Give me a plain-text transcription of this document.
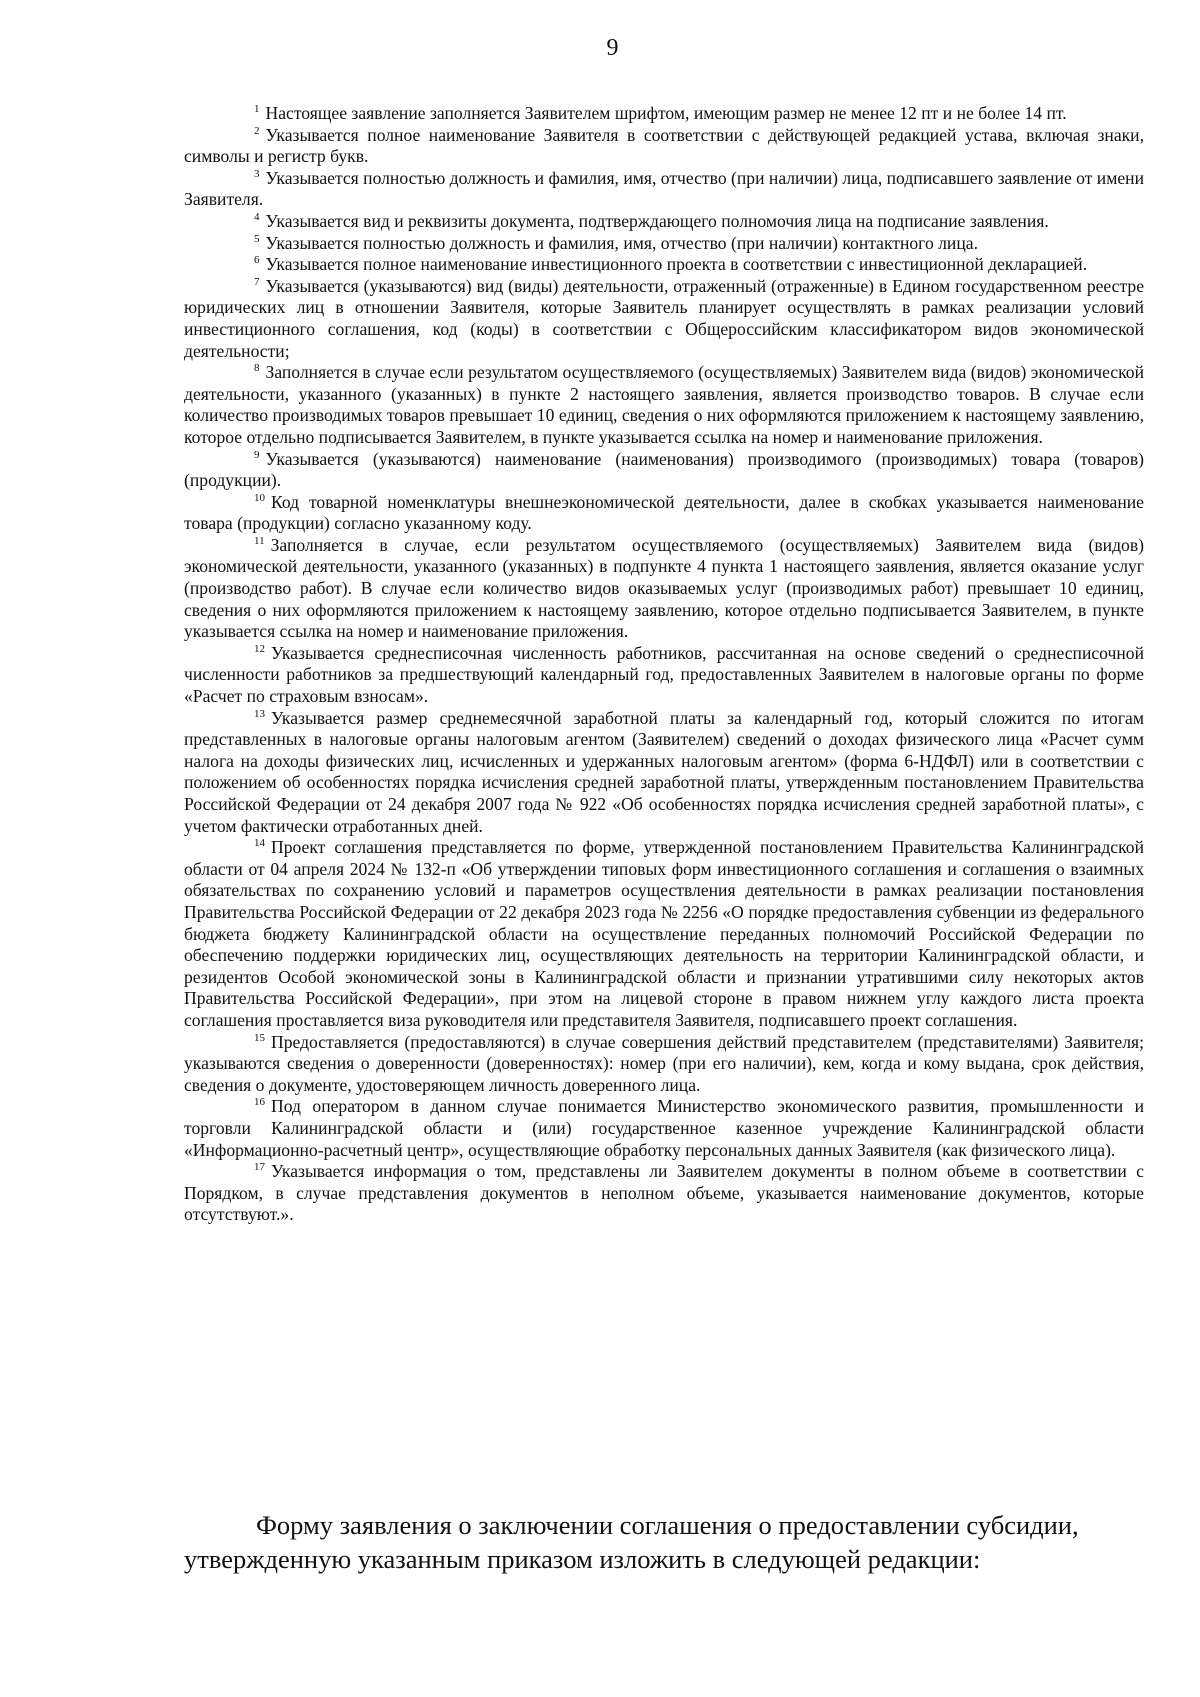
9

$^1$ Настоящее заявление заполняется Заявителем шрифтом, имеющим размер не менее 12 пт и не более 14 пт.

$^2$ Указывается полное наименование Заявителя в соответствии с действующей редакцией устава, включая знаки, символы и регистр букв.

$^3$ Указывается полностью должность и фамилия, имя, отчество (при наличии) лица, подписавшего заявление от имени Заявителя.

$^4$ Указывается вид и реквизиты документа, подтверждающего полномочия лица на подписание заявления.

$^5$ Указывается полностью должность и фамилия, имя, отчество (при наличии) контактного лица.

$^6$ Указывается полное наименование инвестиционного проекта в соответствии с инвестиционной декларацией.

$^7$ Указывается (указываются) вид (виды) деятельности, отраженный (отраженные) в Едином государственном реестре юридических лиц в отношении Заявителя, которые Заявитель планирует осуществлять в рамках реализации условий инвестиционного соглашения, код (коды) в соответствии с Общероссийским классификатором видов экономической деятельности;

$^8$ Заполняется в случае если результатом осуществляемого (осуществляемых) Заявителем вида (видов) экономической деятельности, указанного (указанных) в пункте 2 настоящего заявления, является производство товаров. В случае если количество производимых товаров превышает 10 единиц, сведения о них оформляются приложением к настоящему заявлению, которое отдельно подписывается Заявителем, в пункте указывается ссылка на номер и наименование приложения.

$^9$ Указывается (указываются) наименование (наименования) производимого (производимых) товара (товаров) (продукции).

$^{10}$ Код товарной номенклатуры внешнеэкономической деятельности, далее в скобках указывается наименование товара (продукции) согласно указанному коду.

$^{11}$ Заполняется в случае, если результатом осуществляемого (осуществляемых) Заявителем вида (видов) экономической деятельности, указанного (указанных) в подпункте 4 пункта 1 настоящего заявления, является оказание услуг (производство работ). В случае если количество видов оказываемых услуг (производимых работ) превышает 10 единиц, сведения о них оформляются приложением к настоящему заявлению, которое отдельно подписывается Заявителем, в пункте указывается ссылка на номер и наименование приложения.

$^{12}$ Указывается среднесписочная численность работников, рассчитанная на основе сведений о среднесписочной численности работников за предшествующий календарный год, предоставленных Заявителем в налоговые органы по форме «Расчет по страховым взносам».

$^{13}$ Указывается размер среднемесячной заработной платы за календарный год, который сложится по итогам представленных в налоговые органы налоговым агентом (Заявителем) сведений о доходах физического лица «Расчет сумм налога на доходы физических лиц, исчисленных и удержанных налоговым агентом» (форма 6-НДФЛ) или в соответствии с положением об особенностях порядка исчисления средней заработной платы, утвержденным постановлением Правительства Российской Федерации от 24 декабря 2007 года № 922 «Об особенностях порядка исчисления средней заработной платы», с учетом фактически отработанных дней.

$^{14}$ Проект соглашения представляется по форме, утвержденной постановлением Правительства Калининградской области от 04 апреля 2024 № 132-п «Об утверждении типовых форм инвестиционного соглашения и соглашения о взаимных обязательствах по сохранению условий и параметров осуществления деятельности в рамках реализации постановления Правительства Российской Федерации от 22 декабря 2023 года № 2256 «О порядке предоставления субвенции из федерального бюджета бюджету Калининградской области на осуществление переданных полномочий Российской Федерации по обеспечению поддержки юридических лиц, осуществляющих деятельность на территории Калининградской области, и резидентов Особой экономической зоны в Калининградской области и признании утратившими силу некоторых актов Правительства Российской Федерации», при этом на лицевой стороне в правом нижнем углу каждого листа проекта соглашения проставляется виза руководителя или представителя Заявителя, подписавшего проект соглашения.

$^{15}$ Предоставляется (предоставляются) в случае совершения действий представителем (представителями) Заявителя; указываются сведения о доверенности (доверенностях): номер (при его наличии), кем, когда и кому выдана, срок действия, сведения о документе, удостоверяющем личность доверенного лица.

$^{16}$ Под оператором в данном случае понимается Министерство экономического развития, промышленности и торговли Калининградской области и (или) государственное казенное учреждение Калининградской области «Информационно-расчетный центр», осуществляющие обработку персональных данных Заявителя (как физического лица).

$^{17}$ Указывается информация о том, представлены ли Заявителем документы в полном объеме в соответствии с Порядком, в случае представления документов в неполном объеме, указывается наименование документов, которые отсутствуют.».

Форму заявления о заключении соглашения о предоставлении субсидии,
утвержденную указанным приказом изложить в следующей редакции:
